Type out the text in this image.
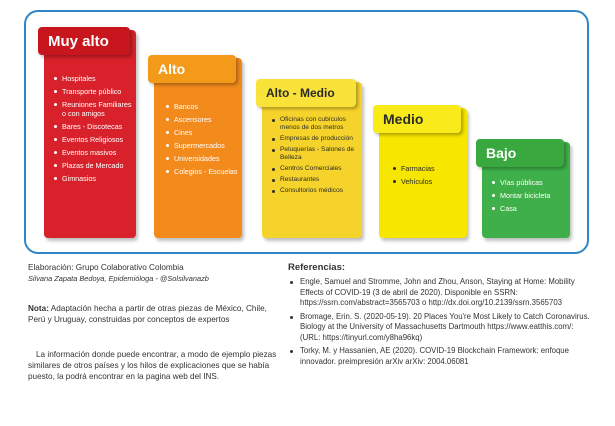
Muy alto
Hospitales
Transporte público
Reuniones Familiares o con amigos
Bares - Discotecas
Eventos Religiosos
Eventos masivos
Plazas de Mercado
Gimnasios
Alto
Bancos
Ascensores
Cines
Supermercados
Universidades
Colegios - Escuelas
Alto - Medio
Oficinas con cubículos menos de dos metros
Empresas de producción
Peluquerías - Salones de Belleza
Centros Comerciales
Restaurantes
Consultorios médicos
Medio
Farmacias
Vehículos
Bajo
Vías públicas
Montar bicicleta
Casa
Elaboración: Grupo Colaborativo Colombia
Silvana Zapata Bedoya, Epidemióloga - @Solsilvanazb
Nota: Adaptación hecha a partir de otras piezas de México, Chile, Perú y Uruguay, construidas por conceptos de expertos
La información donde puede encontrar, a modo de ejemplo piezas similares de otros países y los hilos de explicaciones que se había puesto, la podrá encontrar en la pagina web del INS.
Referencias:
Engle, Samuel and Stromme, John and Zhou, Anson, Staying at Home: Mobility Effects of COVID-19 (3 de abril de 2020). Disponible en SSRN: https://ssrn.com/abstract=3565703 o http://dx.doi.org/10.2139/ssrn.3565703
Bromage, Erin. S. (2020-05-19). 20 Places You're Most Likely to Catch Coronavirus. Biology at the University of Massachusetts Dartmouth https://www.eatthis.com/: (URL: https://tinyurl.com/y8ha96kq)
Torky, M. y Hassanien, AE (2020). COVID-19 Blockchain Framework: enfoque innovador. preimpresión arXiv arXiv: 2004.06081
